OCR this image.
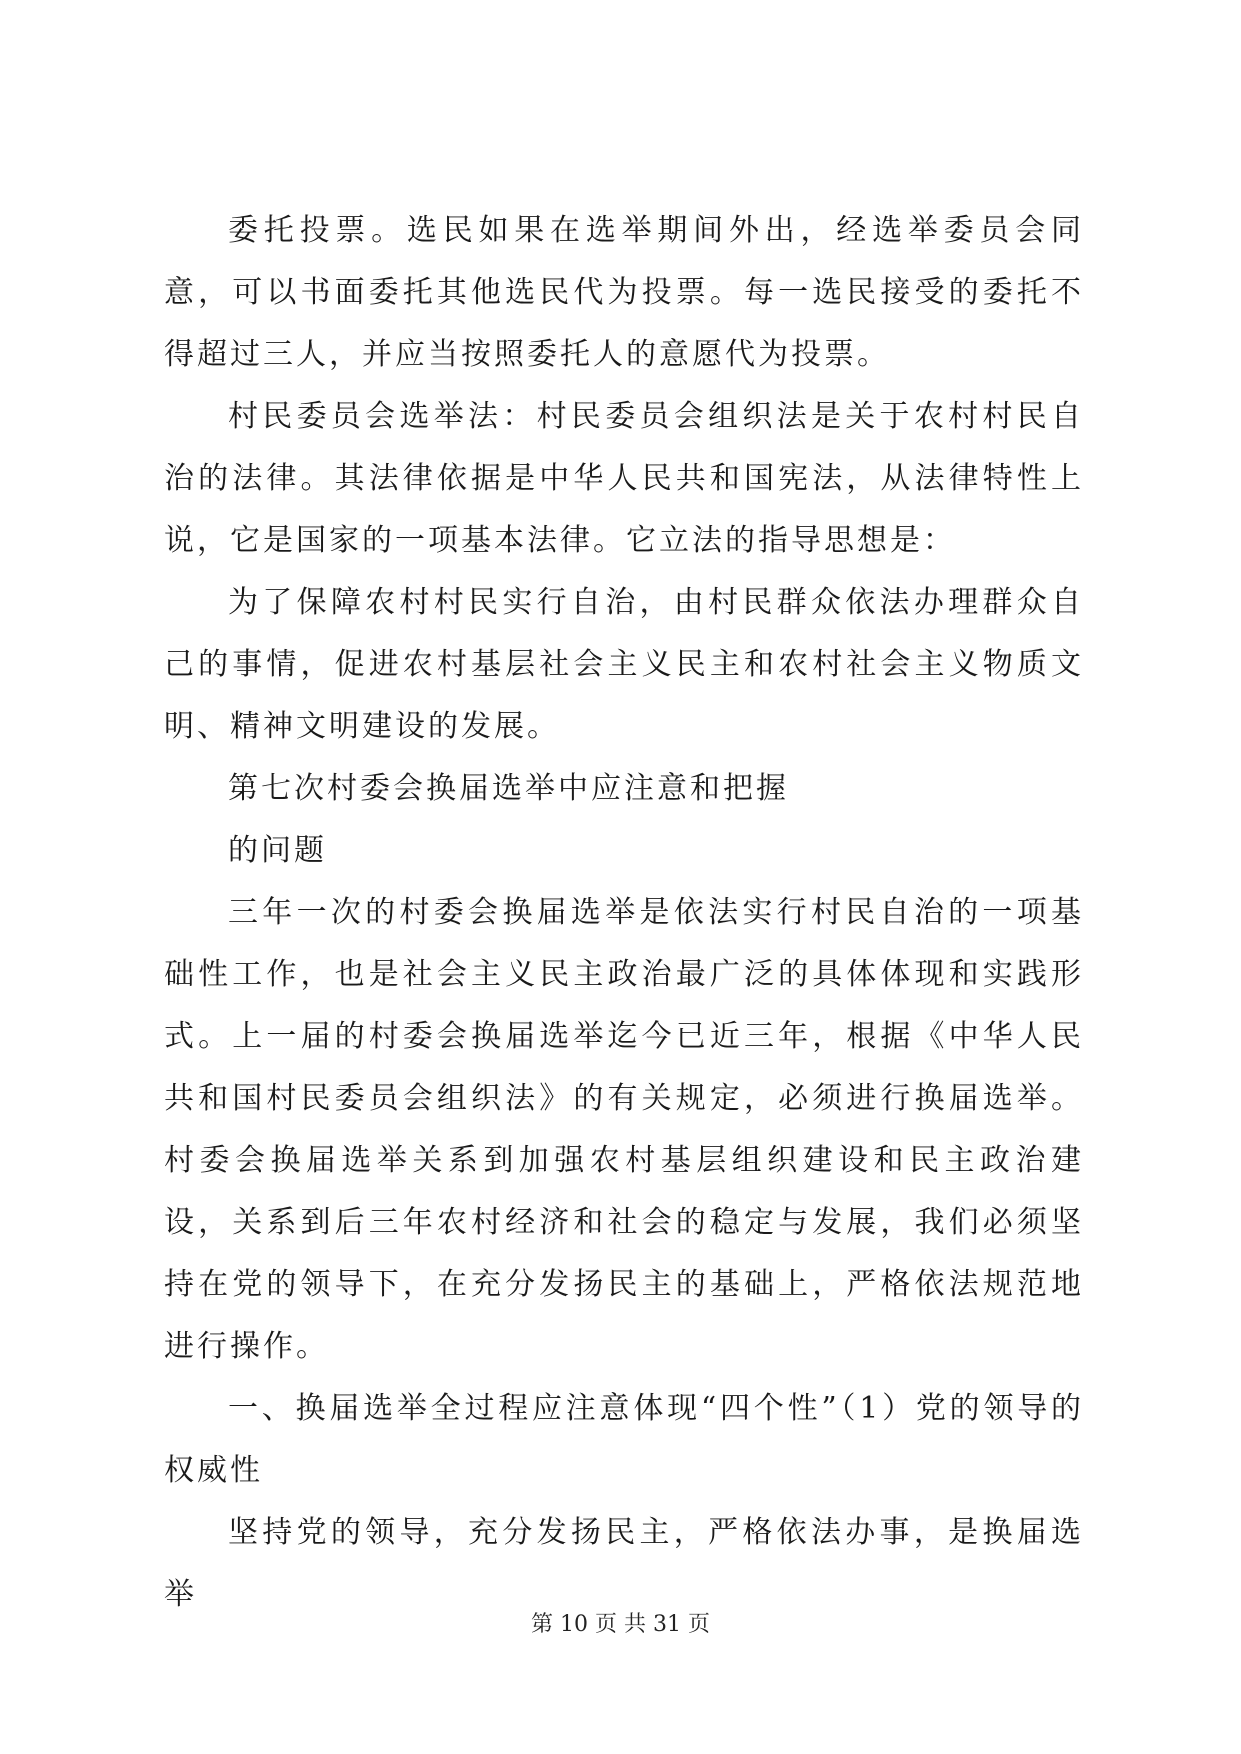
委托投票。选民如果在选举期间外出，经选举委员会同意，可以书面委托其他选民代为投票。每一选民接受的委托不得超过三人，并应当按照委托人的意愿代为投票。

村民委员会选举法：村民委员会组织法是关于农村村民自治的法律。其法律依据是中华人民共和国宪法，从法律特性上说，它是国家的一项基本法律。它立法的指导思想是：

为了保障农村村民实行自治，由村民群众依法办理群众自己的事情，促进农村基层社会主义民主和农村社会主义物质文明、精神文明建设的发展。

第七次村委会换届选举中应注意和把握

的问题

三年一次的村委会换届选举是依法实行村民自治的一项基础性工作，也是社会主义民主政治最广泛的具体体现和实践形式。上一届的村委会换届选举迄今已近三年，根据《中华人民共和国村民委员会组织法》的有关规定，必须进行换届选举。村委会换届选举关系到加强农村基层组织建设和民主政治建设，关系到后三年农村经济和社会的稳定与发展，我们必须坚持在党的领导下，在充分发扬民主的基础上，严格依法规范地进行操作。

一、换届选举全过程应注意体现“四个性”（1）党的领导的权威性

坚持党的领导，充分发扬民主，严格依法办事，是换届选举

第 10 页 共 31 页
